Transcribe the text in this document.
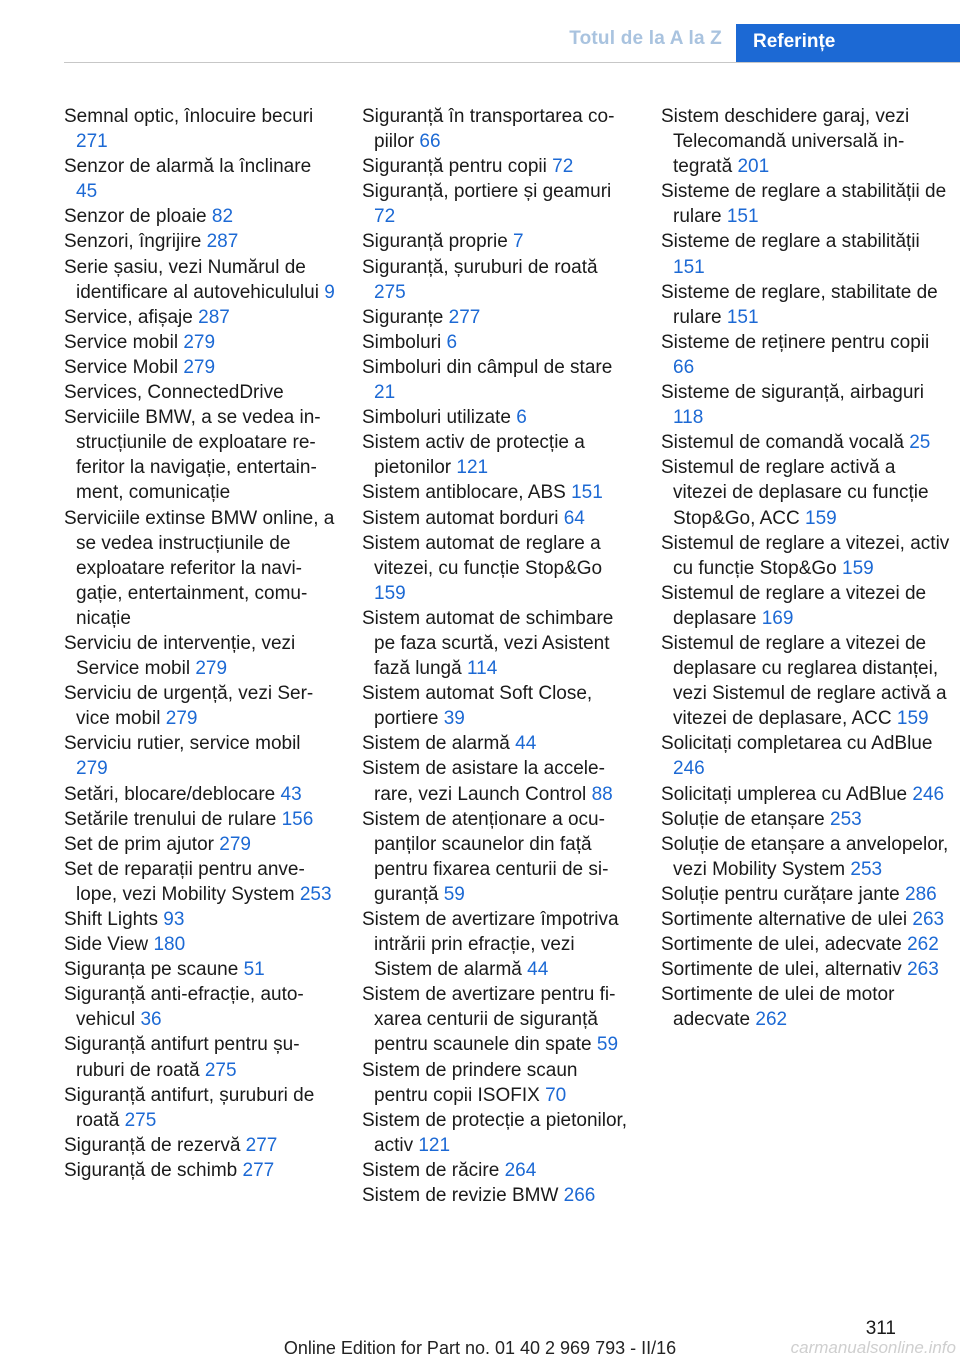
Totul de la A la Z	Referințe
Semnal optic, înlocuire becuri 271
Senzor de alarmă la înclinare 45
Senzor de ploaie 82
Senzori, îngrijire 287
Serie șasiu, vezi Numărul de identificare al autovehiculului 9
Service, afișaje 287
Service mobil 279
Service Mobil 279
Services, ConnectedDrive
Serviciile BMW, a se vedea instrucțiunile de exploatare referitor la navigație, entertainment, comunicație
Serviciile extinse BMW online, a se vedea instrucțiunile de exploatare referitor la navigație, entertainment, comunicație
Serviciu de intervenție, vezi Service mobil 279
Serviciu de urgență, vezi Service mobil 279
Serviciu rutier, service mobil 279
Setări, blocare/deblocare 43
Setările trenului de rulare 156
Set de prim ajutor 279
Set de reparații pentru anvelope, vezi Mobility System 253
Shift Lights 93
Side View 180
Siguranța pe scaune 51
Siguranță anti-efracție, autovehicul 36
Siguranță antifurt pentru șuruburi de roată 275
Siguranță antifurt, șuruburi de roată 275
Siguranță de rezervă 277
Siguranță de schimb 277
Siguranță în transportarea copiilor 66
Siguranță pentru copii 72
Siguranță, portiere și geamuri 72
Siguranță proprie 7
Siguranță, șuruburi de roată 275
Siguranțe 277
Simboluri 6
Simboluri din câmpul de stare 21
Simboluri utilizate 6
Sistem activ de protecție a pietonilor 121
Sistem antiblocare, ABS 151
Sistem automat borduri 64
Sistem automat de reglare a vitezei, cu funcție Stop&Go 159
Sistem automat de schimbare pe faza scurtă, vezi Asistent fază lungă 114
Sistem automat Soft Close, portiere 39
Sistem de alarmă 44
Sistem de asistare la accelerare, vezi Launch Control 88
Sistem de atenționare a ocupanților scaunelor din față pentru fixarea centurii de siguranță 59
Sistem de avertizare împotriva intrării prin efracție, vezi Sistem de alarmă 44
Sistem de avertizare pentru fixarea centurii de siguranță pentru scaunele din spate 59
Sistem de prindere scaun pentru copii ISOFIX 70
Sistem de protecție a pietonilor, activ 121
Sistem de răcire 264
Sistem de revizie BMW 266
Sistem deschidere garaj, vezi Telecomandă universală integrată 201
Sisteme de reglare a stabilității de rulare 151
Sisteme de reglare a stabilității 151
Sisteme de reglare, stabilitate de rulare 151
Sisteme de reținere pentru copii 66
Sisteme de siguranță, airbaguri 118
Sistemul de comandă vocală 25
Sistemul de reglare activă a vitezei de deplasare cu funcție Stop&Go, ACC 159
Sistemul de reglare a vitezei, activ cu funcție Stop&Go 159
Sistemul de reglare a vitezei de deplasare 169
Sistemul de reglare a vitezei de deplasare cu reglarea distanței, vezi Sistemul de reglare activă a vitezei de deplasare, ACC 159
Solicitați completarea cu AdBlue 246
Solicitați umplerea cu AdBlue 246
Soluție de etanșare 253
Soluție de etanșare a anvelopelor, vezi Mobility System 253
Soluție pentru curățare jante 286
Sortimente alternative de ulei 263
Sortimente de ulei, adecvate 262
Sortimente de ulei, alternativ 263
Sortimente de ulei de motor adecvate 262
311
Online Edition for Part no. 01 40 2 969 793 - II/16	carmanualsonline.info
